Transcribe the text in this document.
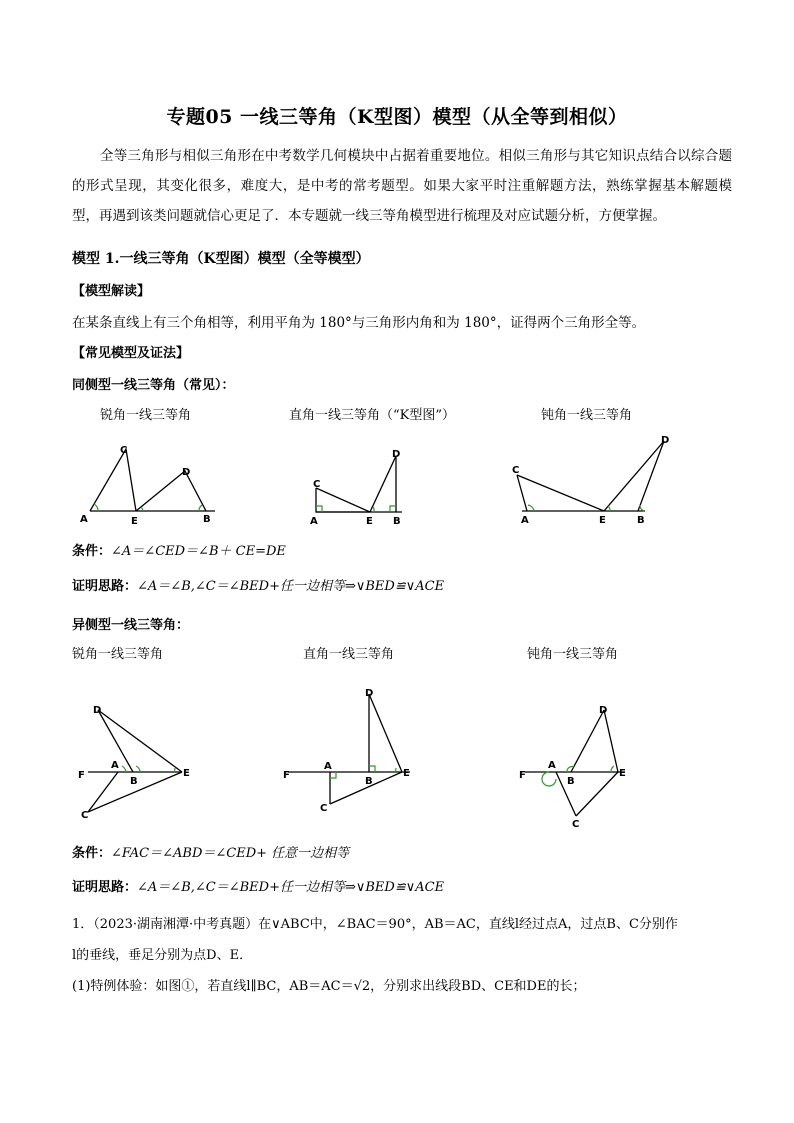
专题05 一线三等角（K型图）模型（从全等到相似）
全等三角形与相似三角形在中考数学几何模块中占据着重要地位。相似三角形与其它知识点结合以综合题的形式呈现，其变化很多，难度大，是中考的常考题型。如果大家平时注重解题方法，熟练掌握基本解题模型，再遇到该类问题就信心更足了．本专题就一线三等角模型进行梳理及对应试题分析，方便掌握。
模型 1.一线三等角（K型图）模型（全等模型）
【模型解读】
在某条直线上有三个角相等，利用平角为 180°与三角形内角和为 180°，证得两个三角形全等。
【常见模型及证法】
同侧型一线三等角（常见）：
锐角一线三等角	直角一线三等角（“K型图”）	钝角一线三等角
A
C
E
D
B
C
A	E
D
B
C
A	E
D
B
条件：∠A＝∠CED＝∠B＋ CE=DE
证明思路：∠A＝∠B,∠C＝∠BED+任一边相等⇒∨BED≌∨ACE
异侧型一线三等角：
锐角一线三等角	直角一线三等角	钝角一线三等角
D
F
A
B
E
C
D
F
A
B
E
C
D
F
A
B
E
C
条件：∠FAC＝∠ABD＝∠CED+ 任意一边相等
证明思路：∠A＝∠B,∠C＝∠BED+任一边相等⇒∨BED≌∨ACE
1．（2023·湖南湘潭·中考真题）在∨ABC中，∠BAC＝90°，AB＝AC，直线l经过点A，过点B、C分别作
l的垂线，垂足分别为点D、E．
(1)特例体验：如图①，若直线l∥BC，AB＝AC＝√2，分别求出线段BD、CE和DE的长；
